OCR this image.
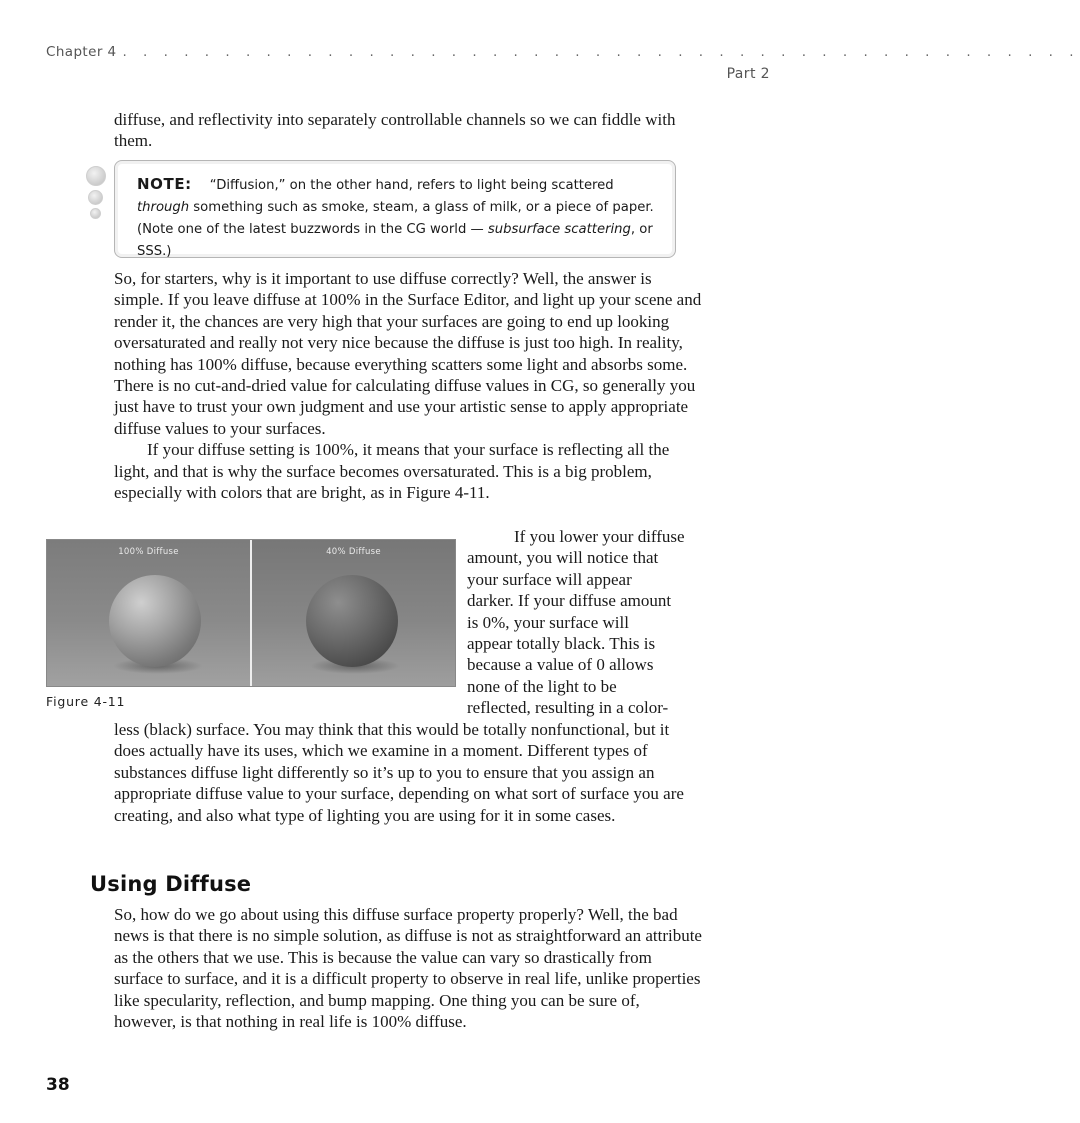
Chapter 4 . . . . . . . . . . . . . . . . . . . . . . . . . . . . . . . . . . . . . . . . . . . . . . .
Part 2

diffuse, and reflectivity into separately controllable channels so we can fiddle with them.

NOTE: “Diffusion,” on the other hand, refers to light being scattered through something such as smoke, steam, a glass of milk, or a piece of paper. (Note one of the latest buzzwords in the CG world — subsurface scattering, or SSS.)

So, for starters, why is it important to use diffuse correctly? Well, the answer is simple. If you leave diffuse at 100% in the Surface Editor, and light up your scene and render it, the chances are very high that your surfaces are going to end up looking oversaturated and really not very nice because the diffuse is just too high. In reality, nothing has 100% diffuse, because everything scatters some light and absorbs some. There is no cut-and-dried value for calculating diffuse values in CG, so generally you just have to trust your own judgment and use your artistic sense to apply appropriate diffuse values to your surfaces.

If your diffuse setting is 100%, it means that your surface is reflecting all the light, and that is why the surface becomes oversaturated. This is a big problem, especially with colors that are bright, as in Figure 4-11.

100% Diffuse	40% Diffuse
Figure 4-11
If you lower your diffuse
amount, you will notice that
your surface will appear
darker. If your diffuse amount
is 0%, your surface will
appear totally black. This is
because a value of 0 allows
none of the light to be
reflected, resulting in a color-

less (black) surface. You may think that this would be totally nonfunctional, but it does actually have its uses, which we examine in a moment. Different types of substances diffuse light differently so it’s up to you to ensure that you assign an appropriate diffuse value to your surface, depending on what sort of surface you are creating, and also what type of lighting you are using for it in some cases.

Using Diffuse

So, how do we go about using this diffuse surface property properly? Well, the bad news is that there is no simple solution, as diffuse is not as straightforward an attribute as the others that we use. This is because the value can vary so drastically from surface to surface, and it is a difficult property to observe in real life, unlike properties like specularity, reflection, and bump mapping. One thing you can be sure of, however, is that nothing in real life is 100% diffuse.

38
